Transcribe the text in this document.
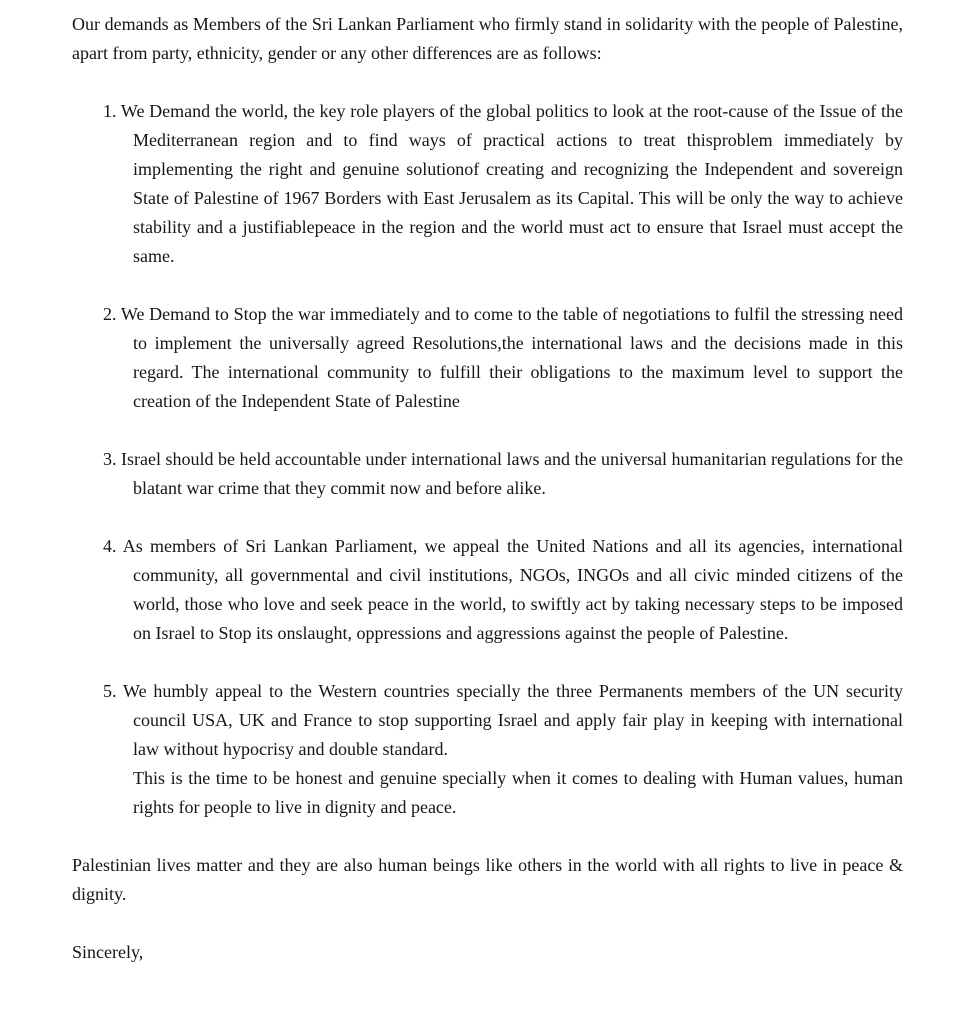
Our demands as Members of the Sri Lankan Parliament who firmly stand in solidarity with the people of Palestine, apart from party, ethnicity, gender or any other differences are as follows:

1. We Demand the world, the key role players of the global politics to look at the root-cause of the Issue of the Mediterranean region and to find ways of practical actions to treat thisproblem immediately by implementing the right and genuine solutionof creating and recognizing the Independent and sovereign State of Palestine of 1967 Borders with East Jerusalem as its Capital. This will be only the way to achieve stability and a justifiablepeace in the region and the world must act to ensure that Israel must accept the same.
2. We Demand to Stop the war immediately and to come to the table of negotiations to fulfil the stressing need to implement the universally agreed Resolutions,the international laws and the decisions made in this regard. The international community to fulfill their obligations to the maximum level to support the creation of the Independent State of Palestine
3. Israel should be held accountable under international laws and the universal humanitarian regulations for the blatant war crime that they commit now and before alike.
4. As members of Sri Lankan Parliament, we appeal the United Nations and all its agencies, international community, all governmental and civil institutions, NGOs, INGOs and all civic minded citizens of the world, those who love and seek peace in the world, to swiftly act by taking necessary steps to be imposed on Israel to Stop its onslaught, oppressions and aggressions against the people of Palestine.
5. We humbly appeal to the Western countries specially the three Permanents members of the UN security council USA, UK and France to stop supporting Israel and apply fair play in keeping with international law without hypocrisy and double standard.
This is the time to be honest and genuine specially when it comes to dealing with Human values, human rights for people to live in dignity and peace.

Palestinian lives matter and they are also human beings like others in the world with all rights to live in peace & dignity.

Sincerely,
